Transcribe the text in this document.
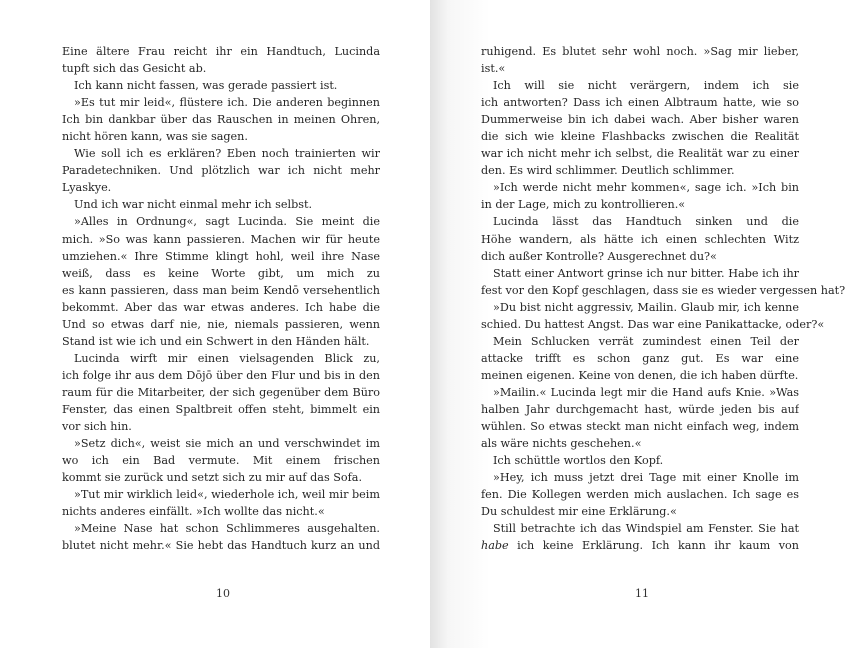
Eine ältere Frau reicht ihr ein Handtuch, Lucinda
tupft sich das Gesicht ab.
Ich kann nicht fassen, was gerade passiert ist.
»Es tut mir leid«, flüstere ich. Die anderen beginnen
Ich bin dankbar über das Rauschen in meinen Ohren,
nicht hören kann, was sie sagen.
Wie soll ich es erklären? Eben noch trainierten wir
Paradetechniken. Und plötzlich war ich nicht mehr
Lyaskye.
Und ich war nicht einmal mehr ich selbst.
»Alles in Ordnung«, sagt Lucinda. Sie meint die
mich. »So was kann passieren. Machen wir für heute
umziehen.« Ihre Stimme klingt hohl, weil ihre Nase
weiß, dass es keine Worte gibt, um mich zu
es kann passieren, dass man beim Kendō versehentlich
bekommt. Aber das war etwas anderes. Ich habe die
Und so etwas darf nie, nie, niemals passieren, wenn
Stand ist wie ich und ein Schwert in den Händen hält.
Lucinda wirft mir einen vielsagenden Blick zu,
ich folge ihr aus dem Dōjō über den Flur und bis in den
raum für die Mitarbeiter, der sich gegenüber dem Büro
Fenster, das einen Spaltbreit offen steht, bimmelt ein
vor sich hin.
»Setz dich«, weist sie mich an und verschwindet im
wo ich ein Bad vermute. Mit einem frischen
kommt sie zurück und setzt sich zu mir auf das Sofa.
»Tut mir wirklich leid«, wiederhole ich, weil mir beim
nichts anderes einfällt. »Ich wollte das nicht.«
»Meine Nase hat schon Schlimmeres ausgehalten.
blutet nicht mehr.« Sie hebt das Handtuch kurz an und
10
ruhigend. Es blutet sehr wohl noch. »Sag mir lieber,
ist.«
Ich will sie nicht verärgern, indem ich sie
ich antworten? Dass ich einen Albtraum hatte, wie so
Dummerweise bin ich dabei wach. Aber bisher waren
die sich wie kleine Flashbacks zwischen die Realität
war ich nicht mehr ich selbst, die Realität war zu einer
den. Es wird schlimmer. Deutlich schlimmer.
»Ich werde nicht mehr kommen«, sage ich. »Ich bin
in der Lage, mich zu kontrollieren.«
Lucinda lässt das Handtuch sinken und die
Höhe wandern, als hätte ich einen schlechten Witz
dich außer Kontrolle? Ausgerechnet du?«
Statt einer Antwort grinse ich nur bitter. Habe ich ihr
fest vor den Kopf geschlagen, dass sie es wieder vergessen hat?
»Du bist nicht aggressiv, Mailin. Glaub mir, ich kenne
schied. Du hattest Angst. Das war eine Panikattacke, oder?«
Mein Schlucken verrät zumindest einen Teil der
attacke trifft es schon ganz gut. Es war eine
meinen eigenen. Keine von denen, die ich haben dürfte.
»Mailin.« Lucinda legt mir die Hand aufs Knie. »Was
halben Jahr durchgemacht hast, würde jeden bis auf
wühlen. So etwas steckt man nicht einfach weg, indem
als wäre nichts geschehen.«
Ich schüttle wortlos den Kopf.
»Hey, ich muss jetzt drei Tage mit einer Knolle im
fen. Die Kollegen werden mich auslachen. Ich sage es
Du schuldest mir eine Erklärung.«
Still betrachte ich das Windspiel am Fenster. Sie hat
habe ich keine Erklärung. Ich kann ihr kaum von
11
